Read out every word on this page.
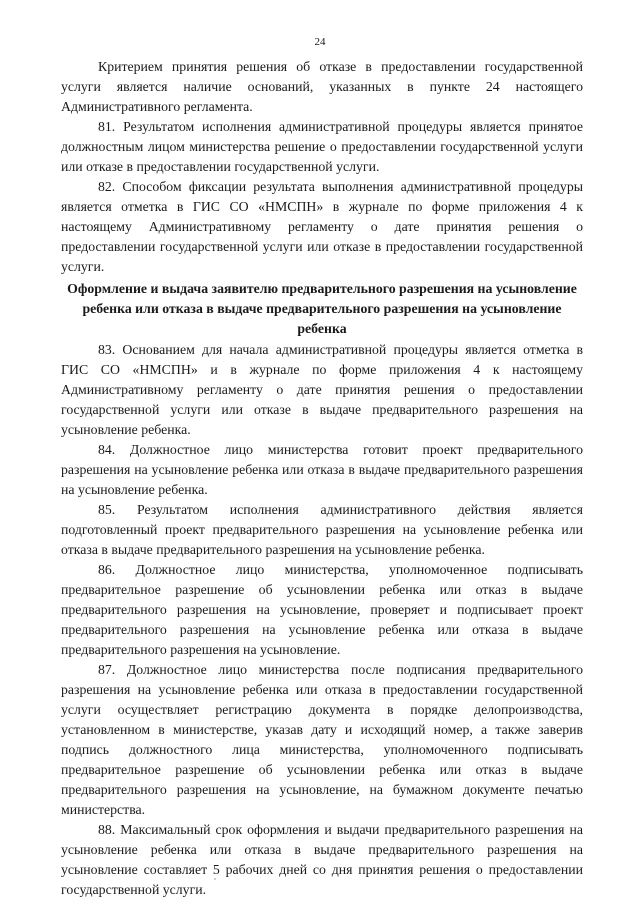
24

Критерием принятия решения об отказе в предоставлении государственной услуги является наличие оснований, указанных в пункте 24 настоящего Административного регламента.

81. Результатом исполнения административной процедуры является принятое должностным лицом министерства решение о предоставлении государственной услуги или отказе в предоставлении государственной услуги.

82. Способом фиксации результата выполнения административной процедуры является отметка в ГИС СО «НМСПН» в журнале по форме приложения 4 к настоящему Административному регламенту о дате принятия решения о предоставлении государственной услуги или отказе в предоставлении государственной услуги.

Оформление и выдача заявителю предварительного разрешения на усыновление ребенка или отказа в выдаче предварительного разрешения на усыновление ребенка

83. Основанием для начала административной процедуры является отметка в ГИС СО «НМСПН» и в журнале по форме приложения 4 к настоящему Административному регламенту о дате принятия решения о предоставлении государственной услуги или отказе в выдаче предварительного разрешения на усыновление ребенка.

84. Должностное лицо министерства готовит проект предварительного разрешения на усыновление ребенка или отказа в выдаче предварительного разрешения на усыновление ребенка.

85. Результатом исполнения административного действия является подготовленный проект предварительного разрешения на усыновление ребенка или отказа в выдаче предварительного разрешения на усыновление ребенка.

86. Должностное лицо министерства, уполномоченное подписывать предварительное разрешение об усыновлении ребенка или отказ в выдаче предварительного разрешения на усыновление, проверяет и подписывает проект предварительного разрешения на усыновление ребенка или отказа в выдаче предварительного разрешения на усыновление.

87. Должностное лицо министерства после подписания предварительного разрешения на усыновление ребенка или отказа в предоставлении государственной услуги осуществляет регистрацию документа в порядке делопроизводства, установленном в министерстве, указав дату и исходящий номер, а также заверив подпись должностного лица министерства, уполномоченного подписывать предварительное разрешение об усыновлении ребенка или отказ в выдаче предварительного разрешения на усыновление, на бумажном документе печатью министерства.

88. Максимальный срок оформления и выдачи предварительного разрешения на усыновление ребенка или отказа в выдаче предварительного разрешения на усыновление составляет 5 рабочих дней со дня принятия решения о предоставлении государственной услуги.
